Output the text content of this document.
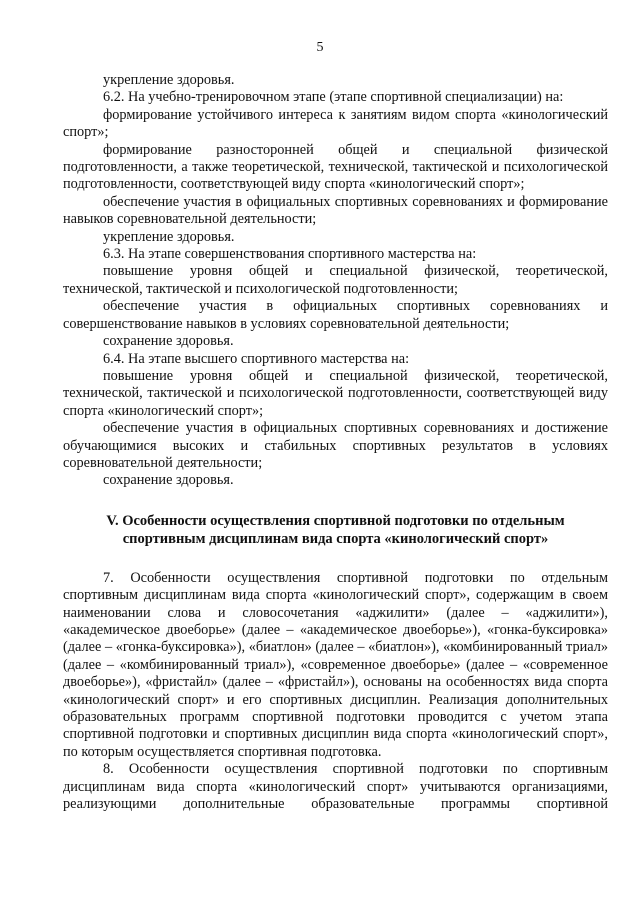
5

укрепление здоровья.

6.2. На учебно-тренировочном этапе (этапе спортивной специализации) на:

формирование устойчивого интереса к занятиям видом спорта «кинологический спорт»;

формирование разносторонней общей и специальной физической подготовленности, а также теоретической, технической, тактической и психологической подготовленности, соответствующей виду спорта «кинологический спорт»;

обеспечение участия в официальных спортивных соревнованиях и формирование навыков соревновательной деятельности;

укрепление здоровья.

6.3. На этапе совершенствования спортивного мастерства на:

повышение уровня общей и специальной физической, теоретической, технической, тактической и психологической подготовленности;

обеспечение участия в официальных спортивных соревнованиях и совершенствование навыков в условиях соревновательной деятельности;

сохранение здоровья.

6.4. На этапе высшего спортивного мастерства на:

повышение уровня общей и специальной физической, теоретической, технической, тактической и психологической подготовленности, соответствующей виду спорта «кинологический спорт»;

обеспечение участия в официальных спортивных соревнованиях и достижение обучающимися высоких и стабильных спортивных результатов в условиях соревновательной деятельности;

сохранение здоровья.

V. Особенности осуществления спортивной подготовки по отдельным спортивным дисциплинам вида спорта «кинологический спорт»

7. Особенности осуществления спортивной подготовки по отдельным спортивным дисциплинам вида спорта «кинологический спорт», содержащим в своем наименовании слова и словосочетания «аджилити» (далее – «аджилити»), «академическое двоеборье» (далее – «академическое двоеборье»), «гонка-буксировка» (далее – «гонка-буксировка»), «биатлон» (далее – «биатлон»), «комбинированный триал» (далее – «комбинированный триал»), «современное двоеборье» (далее – «современное двоеборье»), «фристайл» (далее – «фристайл»), основаны на особенностях вида спорта «кинологический спорт» и его спортивных дисциплин. Реализация дополнительных образовательных программ спортивной подготовки проводится с учетом этапа спортивной подготовки и спортивных дисциплин вида спорта «кинологический спорт», по которым осуществляется спортивная подготовка.

8. Особенности осуществления спортивной подготовки по спортивным дисциплинам вида спорта «кинологический спорт» учитываются организациями, реализующими дополнительные образовательные программы спортивной
